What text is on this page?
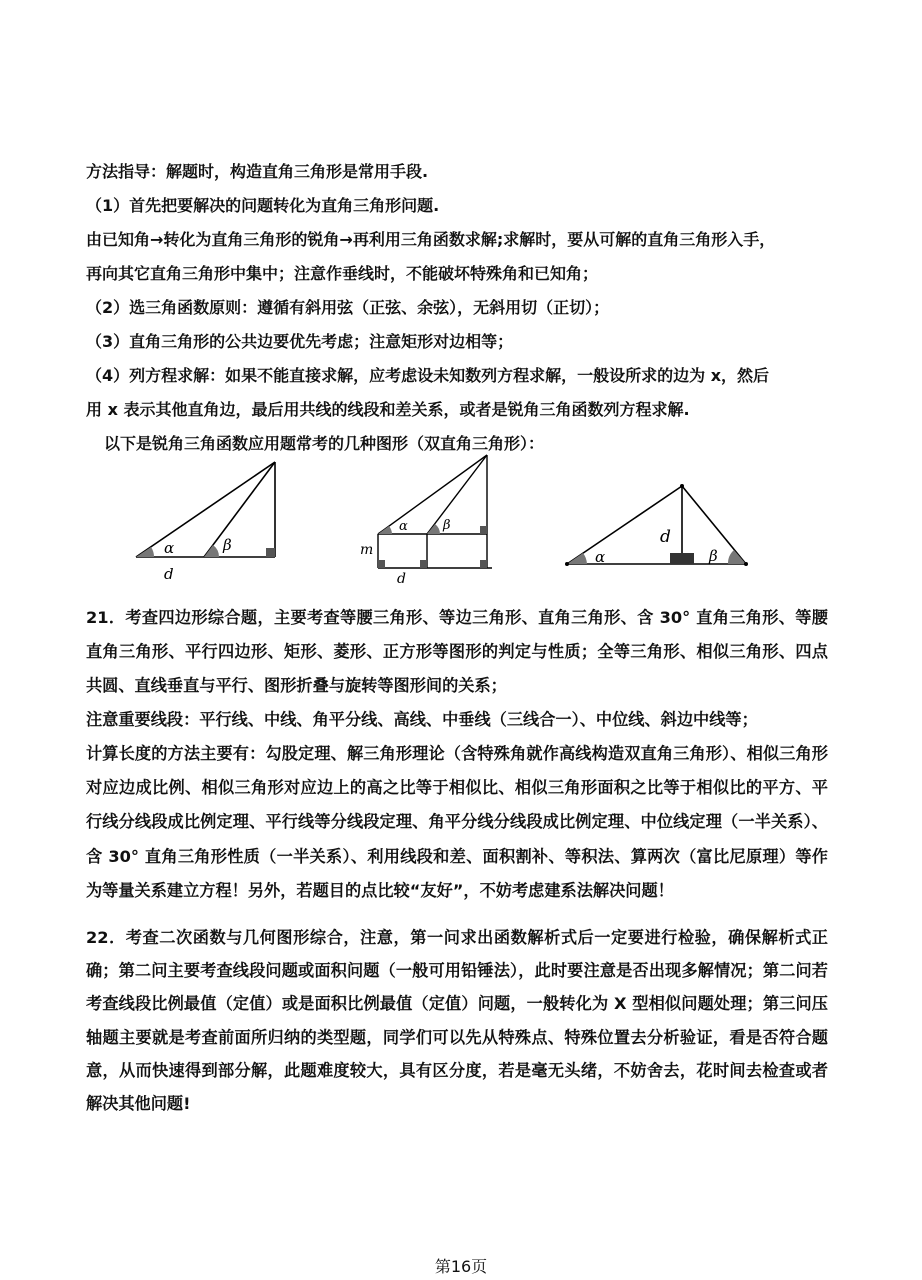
方法指导：解题时，构造直角三角形是常用手段.
（1）首先把要解决的问题转化为直角三角形问题.
由已知角→转化为直角三角形的锐角→再利用三角函数求解;求解时，要从可解的直角三角形入手，
再向其它直角三角形中集中；注意作垂线时，不能破坏特殊角和已知角；
（2）选三角函数原则：遵循有斜用弦（正弦、余弦），无斜用切（正切）；
（3）直角三角形的公共边要优先考虑；注意矩形对边相等；
（4）列方程求解：如果不能直接求解，应考虑设未知数列方程求解，一般设所求的边为 x，然后
用 x 表示其他直角边，最后用共线的线段和差关系，或者是锐角三角函数列方程求解.
以下是锐角三角函数应用题常考的几种图形（双直角三角形）：
α	β
d
α	β
m
d
α	β
d
21．考查四边形综合题，主要考查等腰三角形、等边三角形、直角三角形、含 30° 直角三角形、等腰直角三角形、平行四边形、矩形、菱形、正方形等图形的判定与性质；全等三角形、相似三角形、四点共圆、直线垂直与平行、图形折叠与旋转等图形间的关系；
注意重要线段：平行线、中线、角平分线、高线、中垂线（三线合一）、中位线、斜边中线等；
计算长度的方法主要有：勾股定理、解三角形理论（含特殊角就作高线构造双直角三角形）、相似三角形对应边成比例、相似三角形对应边上的高之比等于相似比、相似三角形面积之比等于相似比的平方、平行线分线段成比例定理、平行线等分线段定理、角平分线分线段成比例定理、中位线定理（一半关系）、含 30° 直角三角形性质（一半关系）、利用线段和差、面积割补、等积法、算两次（富比尼原理）等作为等量关系建立方程！另外，若题目的点比较“友好”，不妨考虑建系法解决问题！
22．考查二次函数与几何图形综合，注意，第一问求出函数解析式后一定要进行检验，确保解析式正确；第二问主要考查线段问题或面积问题（一般可用铅锤法），此时要注意是否出现多解情况；第二问若考查线段比例最值（定值）或是面积比例最值（定值）问题，一般转化为 X 型相似问题处理；第三问压轴题主要就是考查前面所归纳的类型题，同学们可以先从特殊点、特殊位置去分析验证，看是否符合题意，从而快速得到部分解，此题难度较大，具有区分度，若是毫无头绪，不妨舍去，花时间去检查或者解决其他问题!
第16页
